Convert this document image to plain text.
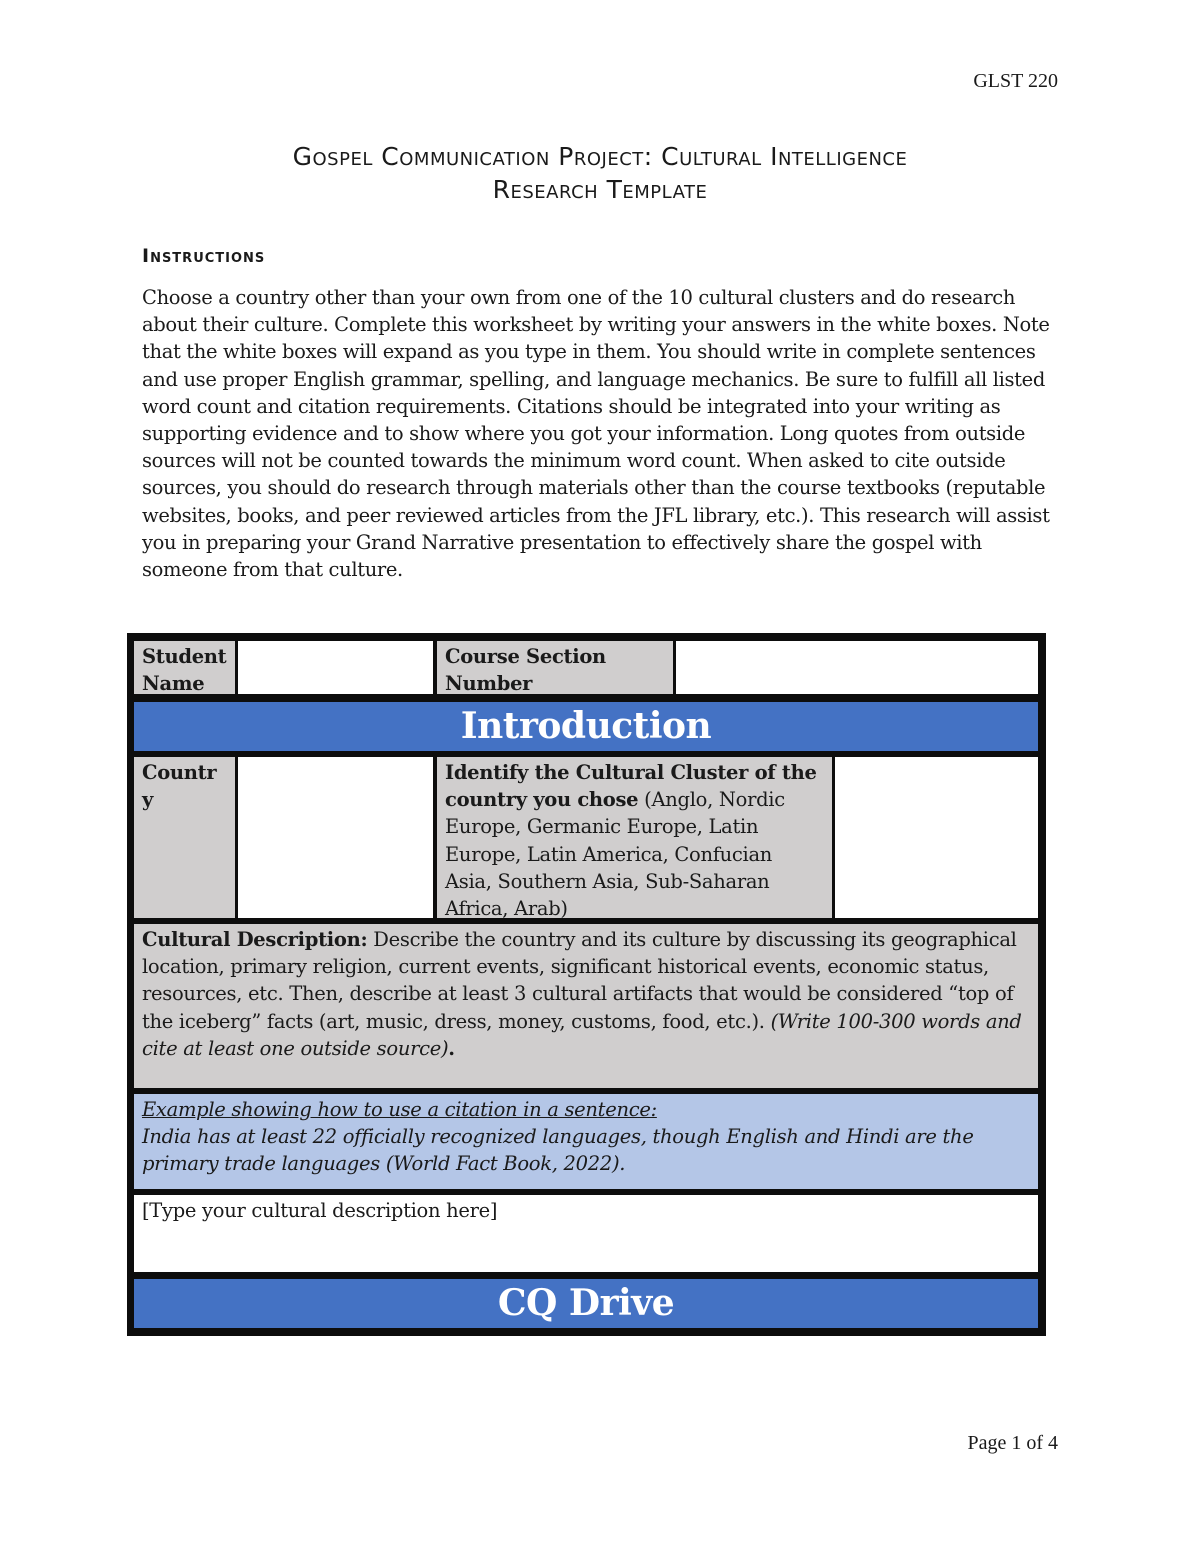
GLST 220
Gospel Communication Project: Cultural Intelligence
Research Template
Instructions
Choose a country other than your own from one of the 10 cultural clusters and do research about their culture. Complete this worksheet by writing your answers in the white boxes. Note that the white boxes will expand as you type in them. You should write in complete sentences and use proper English grammar, spelling, and language mechanics. Be sure to fulfill all listed word count and citation requirements. Citations should be integrated into your writing as supporting evidence and to show where you got your information. Long quotes from outside sources will not be counted towards the minimum word count. When asked to cite outside sources, you should do research through materials other than the course textbooks (reputable websites, books, and peer reviewed articles from the JFL library, etc.). This research will assist you in preparing your Grand Narrative presentation to effectively share the gospel with someone from that culture.
Student Name
Course Section Number
Introduction
Country
Identify the Cultural Cluster of the country you chose (Anglo, Nordic Europe, Germanic Europe, Latin Europe, Latin America, Confucian Asia, Southern Asia, Sub-Saharan Africa, Arab)
Cultural Description: Describe the country and its culture by discussing its geographical location, primary religion, current events, significant historical events, economic status, resources, etc. Then, describe at least 3 cultural artifacts that would be considered “top of the iceberg” facts (art, music, dress, money, customs, food, etc.). (Write 100-300 words and cite at least one outside source).
Example showing how to use a citation in a sentence:
India has at least 22 officially recognized languages, though English and Hindi are the primary trade languages (World Fact Book, 2022).
[Type your cultural description here]
CQ Drive
Page 1 of 4
